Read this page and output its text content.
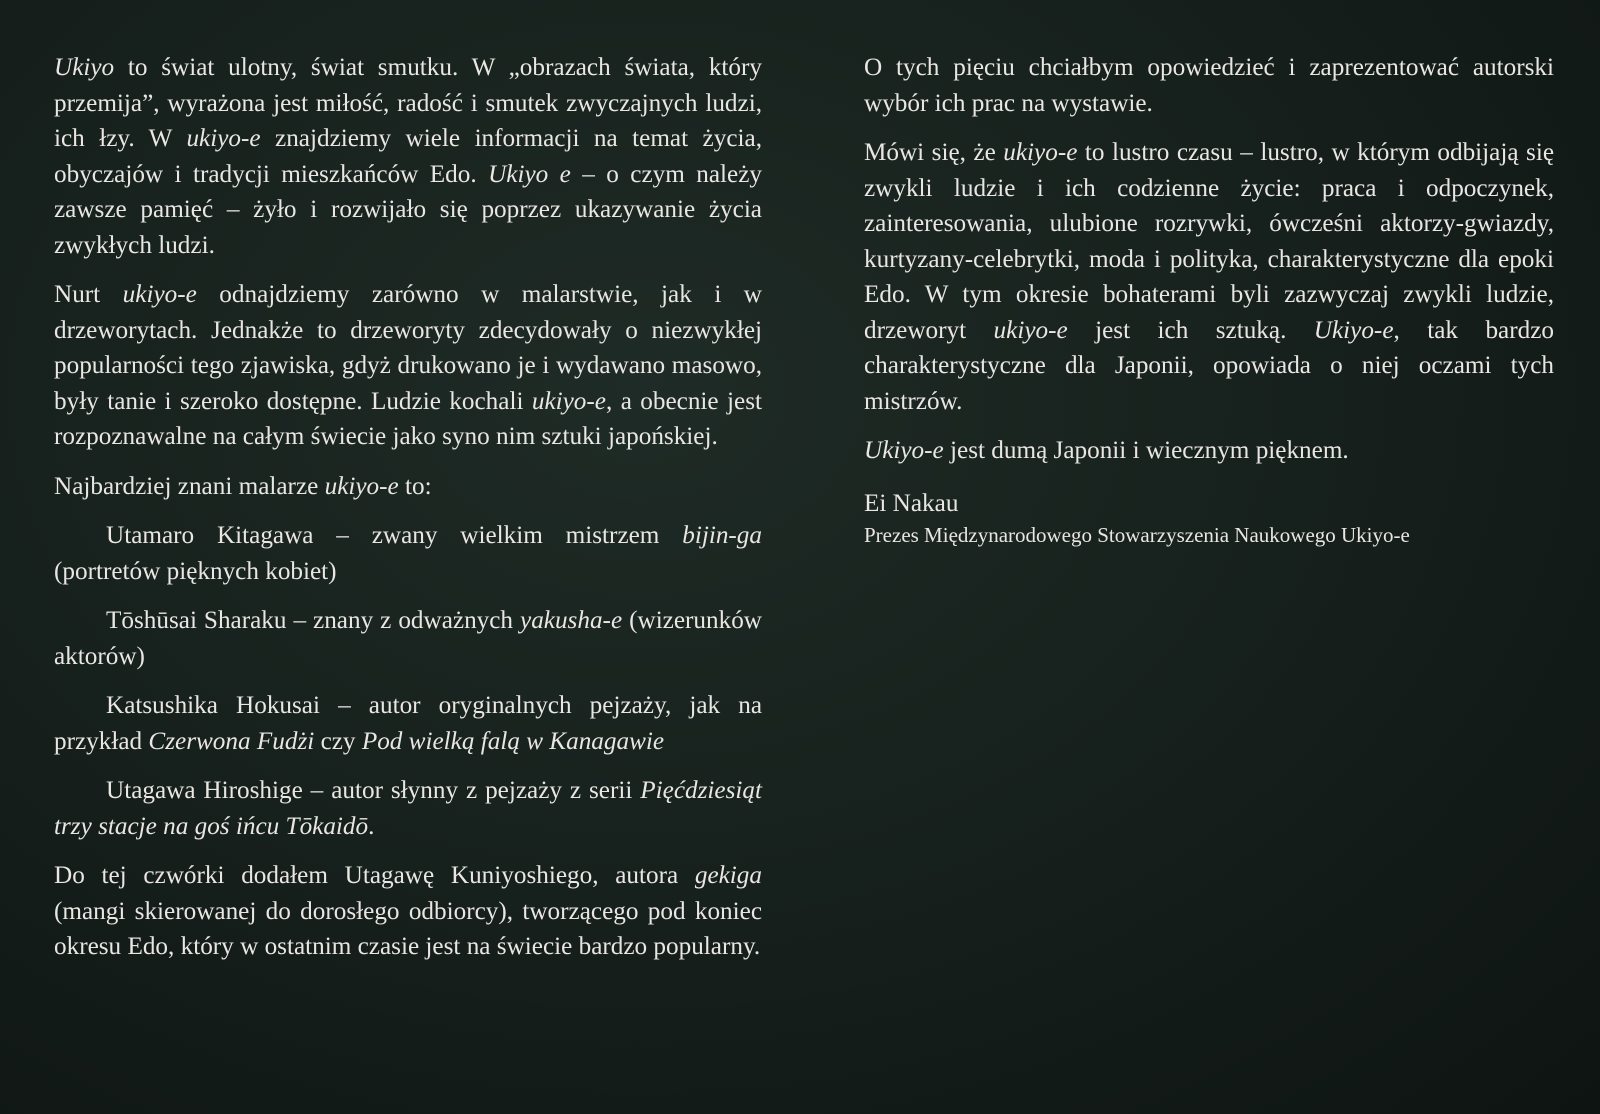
Ukiyo to świat ulotny, świat smutku. W „obrazach świata, który przemija”, wyrażona jest miłość, radość i smutek zwyczajnych ludzi, ich łzy. W ukiyo-e znajdziemy wiele informacji na temat życia, obyczajów i tradycji mieszkańców Edo. Ukiyo e – o czym należy zawsze pamięć – żyło i rozwijało się poprzez ukazywanie życia zwykłych ludzi.

Nurt ukiyo-e odnajdziemy zarówno w malarstwie, jak i w drzeworytach. Jednakże to drzeworyty zdecydowały o niezwykłej popularności tego zjawiska, gdyż drukowano je i wydawano masowo, były tanie i szeroko dostępne. Ludzie kochali ukiyo-e, a obecnie jest rozpoznawalne na całym świecie jako syno nim sztuki japońskiej.

Najbardziej znani malarze ukiyo-e to:

Utamaro Kitagawa – zwany wielkim mistrzem bijin-ga (portretów pięknych kobiet)

Tōshūsai Sharaku – znany z odważnych yakusha-e (wizerunków aktorów)

Katsushika Hokusai – autor oryginalnych pejzaży, jak na przykład Czerwona Fudżi czy Pod wielką falą w Kanagawie

Utagawa Hiroshige – autor słynny z pejzaży z serii Pięćdziesiąt trzy stacje na goś ińcu Tōkaidō.

Do tej czwórki dodałem Utagawę Kuniyoshiego, autora gekiga (mangi skierowanej do dorosłego odbiorcy), tworzącego pod koniec okresu Edo, który w ostatnim czasie jest na świecie bardzo popularny.

O tych pięciu chciałbym opowiedzieć i zaprezentować autorski wybór ich prac na wystawie.

Mówi się, że ukiyo-e to lustro czasu – lustro, w którym odbijają się zwykli ludzie i ich codzienne życie: praca i odpoczynek, zainteresowania, ulubione rozrywki, ówcześni aktorzy-gwiazdy, kurtyzany-celebrytki, moda i polityka, charakterystyczne dla epoki Edo. W tym okresie bohaterami byli zazwyczaj zwykli ludzie, drzeworyt ukiyo-e jest ich sztuką. Ukiyo-e, tak bardzo charakterystyczne dla Japonii, opowiada o niej oczami tych mistrzów.

Ukiyo-e jest dumą Japonii i wiecznym pięknem.

Ei Nakau

Prezes Międzynarodowego Stowarzyszenia Naukowego Ukiyo-e
